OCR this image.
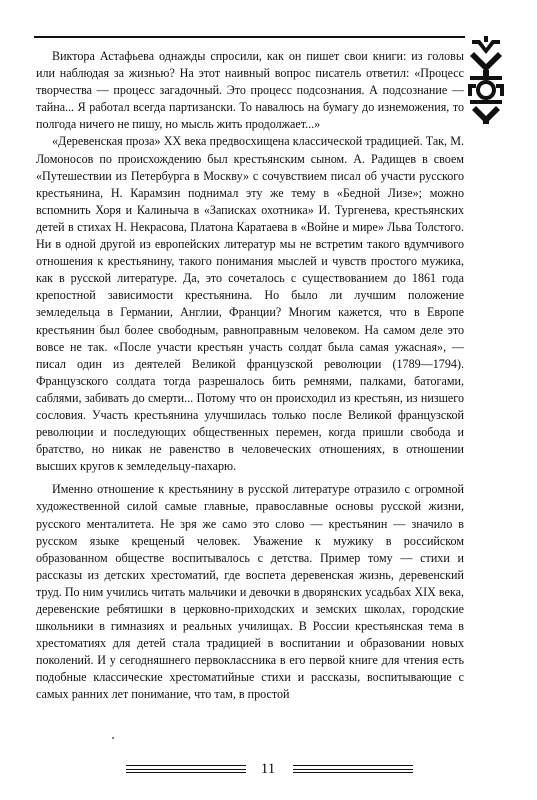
Виктора Астафьева однажды спросили, как он пишет свои книги: из головы или наблюдая за жизнью? На этот наивный вопрос писатель ответил: «Процесс творчества — процесс загадочный. Это процесс подсознания. А подсознание — тайна... Я работал всегда партизански. То навалюсь на бумагу до изнеможения, то полгода ничего не пишу, но мысль жить продолжает...»

«Деревенская проза» XX века предвосхищена классической традицией. Так, М. Ломоносов по происхождению был крестьянским сыном. А. Радищев в своем «Путешествии из Петербурга в Москву» с сочувствием писал об участи русского крестьянина, Н. Карамзин поднимал эту же тему в «Бедной Лизе»; можно вспомнить Хоря и Калиныча в «Записках охотника» И. Тургенева, крестьянских детей в стихах Н. Некрасова, Платона Каратаева в «Войне и мире» Льва Толстого. Ни в одной другой из европейских литератур мы не встретим такого вдумчивого отношения к крестьянину, такого понимания мыслей и чувств простого мужика, как в русской литературе. Да, это сочеталось с существованием до 1861 года крепостной зависимости крестьянина. Но было ли лучшим положение земледельца в Германии, Англии, Франции? Многим кажется, что в Европе крестьянин был более свободным, равноправным человеком. На самом деле это вовсе не так. «После участи крестьян участь солдат была самая ужасная», — писал один из деятелей Великой французской революции (1789—1794). Французского солдата тогда разрешалось бить ремнями, палками, батогами, саблями, забивать до смерти... Потому что он происходил из крестьян, из низшего сословия. Участь крестьянина улучшилась только после Великой французской революции и последующих общественных перемен, когда пришли свобода и братство, но никак не равенство в человеческих отношениях, в отношении высших кругов к земледельцу-пахарю.

Именно отношение к крестьянину в русской литературе отразило с огромной художественной силой самые главные, православные основы русской жизни, русского менталитета. Не зря же само это слово — крестьянин — значило в русском языке крещеный человек. Уважение к мужику в российском образованном обществе воспитывалось с детства. Пример тому — стихи и рассказы из детских хрестоматий, где воспета деревенская жизнь, деревенский труд. По ним учились читать мальчики и девочки в дворянских усадьбах XIX века, деревенские ребятишки в церковно-приходских и земских школах, городские школьники в гимназиях и реальных училищах. В России крестьянская тема в хрестоматиях для детей стала традицией в воспитании и образовании новых поколений. И у сегодняшнего первоклассника в его первой книге для чтения есть подобные классические хрестоматийные стихи и рассказы, воспитывающие с самых ранних лет понимание, что там, в простой

11
